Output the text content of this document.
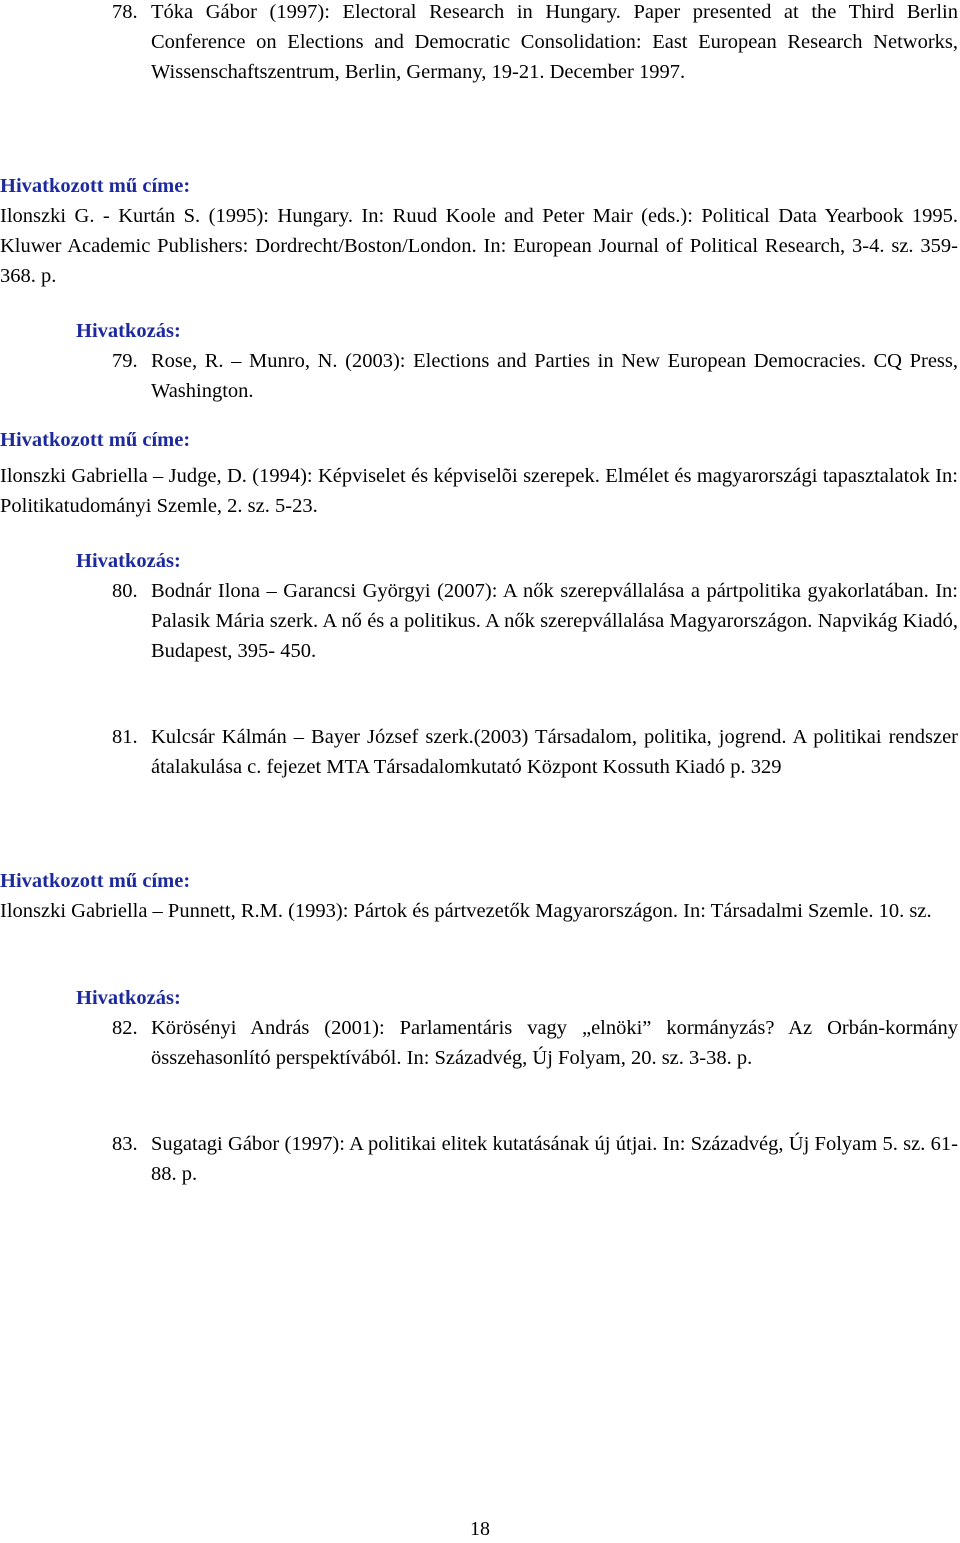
78. Tóka Gábor (1997): Electoral Research in Hungary. Paper presented at the Third Berlin Conference on Elections and Democratic Consolidation: East European Research Networks, Wissenschaftszentrum, Berlin, Germany, 19-21. December 1997.
Hivatkozott mű címe:
Ilonszki G. - Kurtán S. (1995): Hungary. In: Ruud Koole and Peter Mair (eds.): Political Data Yearbook 1995. Kluwer Academic Publishers: Dordrecht/Boston/London. In: European Journal of Political Research, 3-4. sz. 359-368. p.
Hivatkozás:
79. Rose, R. – Munro, N. (2003): Elections and Parties in New European Democracies. CQ Press, Washington.
Hivatkozott mű címe:
Ilonszki Gabriella – Judge, D. (1994): Képviselet és képviselõi szerepek. Elmélet és magyarországi tapasztalatok In: Politikatudományi Szemle, 2. sz. 5-23.
Hivatkozás:
80. Bodnár Ilona – Garancsi Györgyi (2007): A nők szerepvállalása a pártpolitika gyakorlatában. In: Palasik Mária szerk. A nő és a politikus. A nők szerepvállalása Magyarországon. Napvikág Kiadó, Budapest, 395- 450.
81. Kulcsár Kálmán – Bayer József szerk.(2003) Társadalom, politika, jogrend. A politikai rendszer átalakulása c. fejezet MTA Társadalomkutató Központ Kossuth Kiadó p. 329
Hivatkozott mű címe:
Ilonszki Gabriella – Punnett, R.M. (1993): Pártok és pártvezetők Magyarországon. In: Társadalmi Szemle. 10. sz.
Hivatkozás:
82. Körösényi András (2001): Parlamentáris vagy „elnöki” kormányzás? Az Orbán-kormány összehasonlító perspektívából. In: Századvég, Új Folyam, 20. sz. 3-38. p.
83. Sugatagi Gábor (1997): A politikai elitek kutatásának új útjai. In: Századvég, Új Folyam 5. sz. 61-88. p.
18
